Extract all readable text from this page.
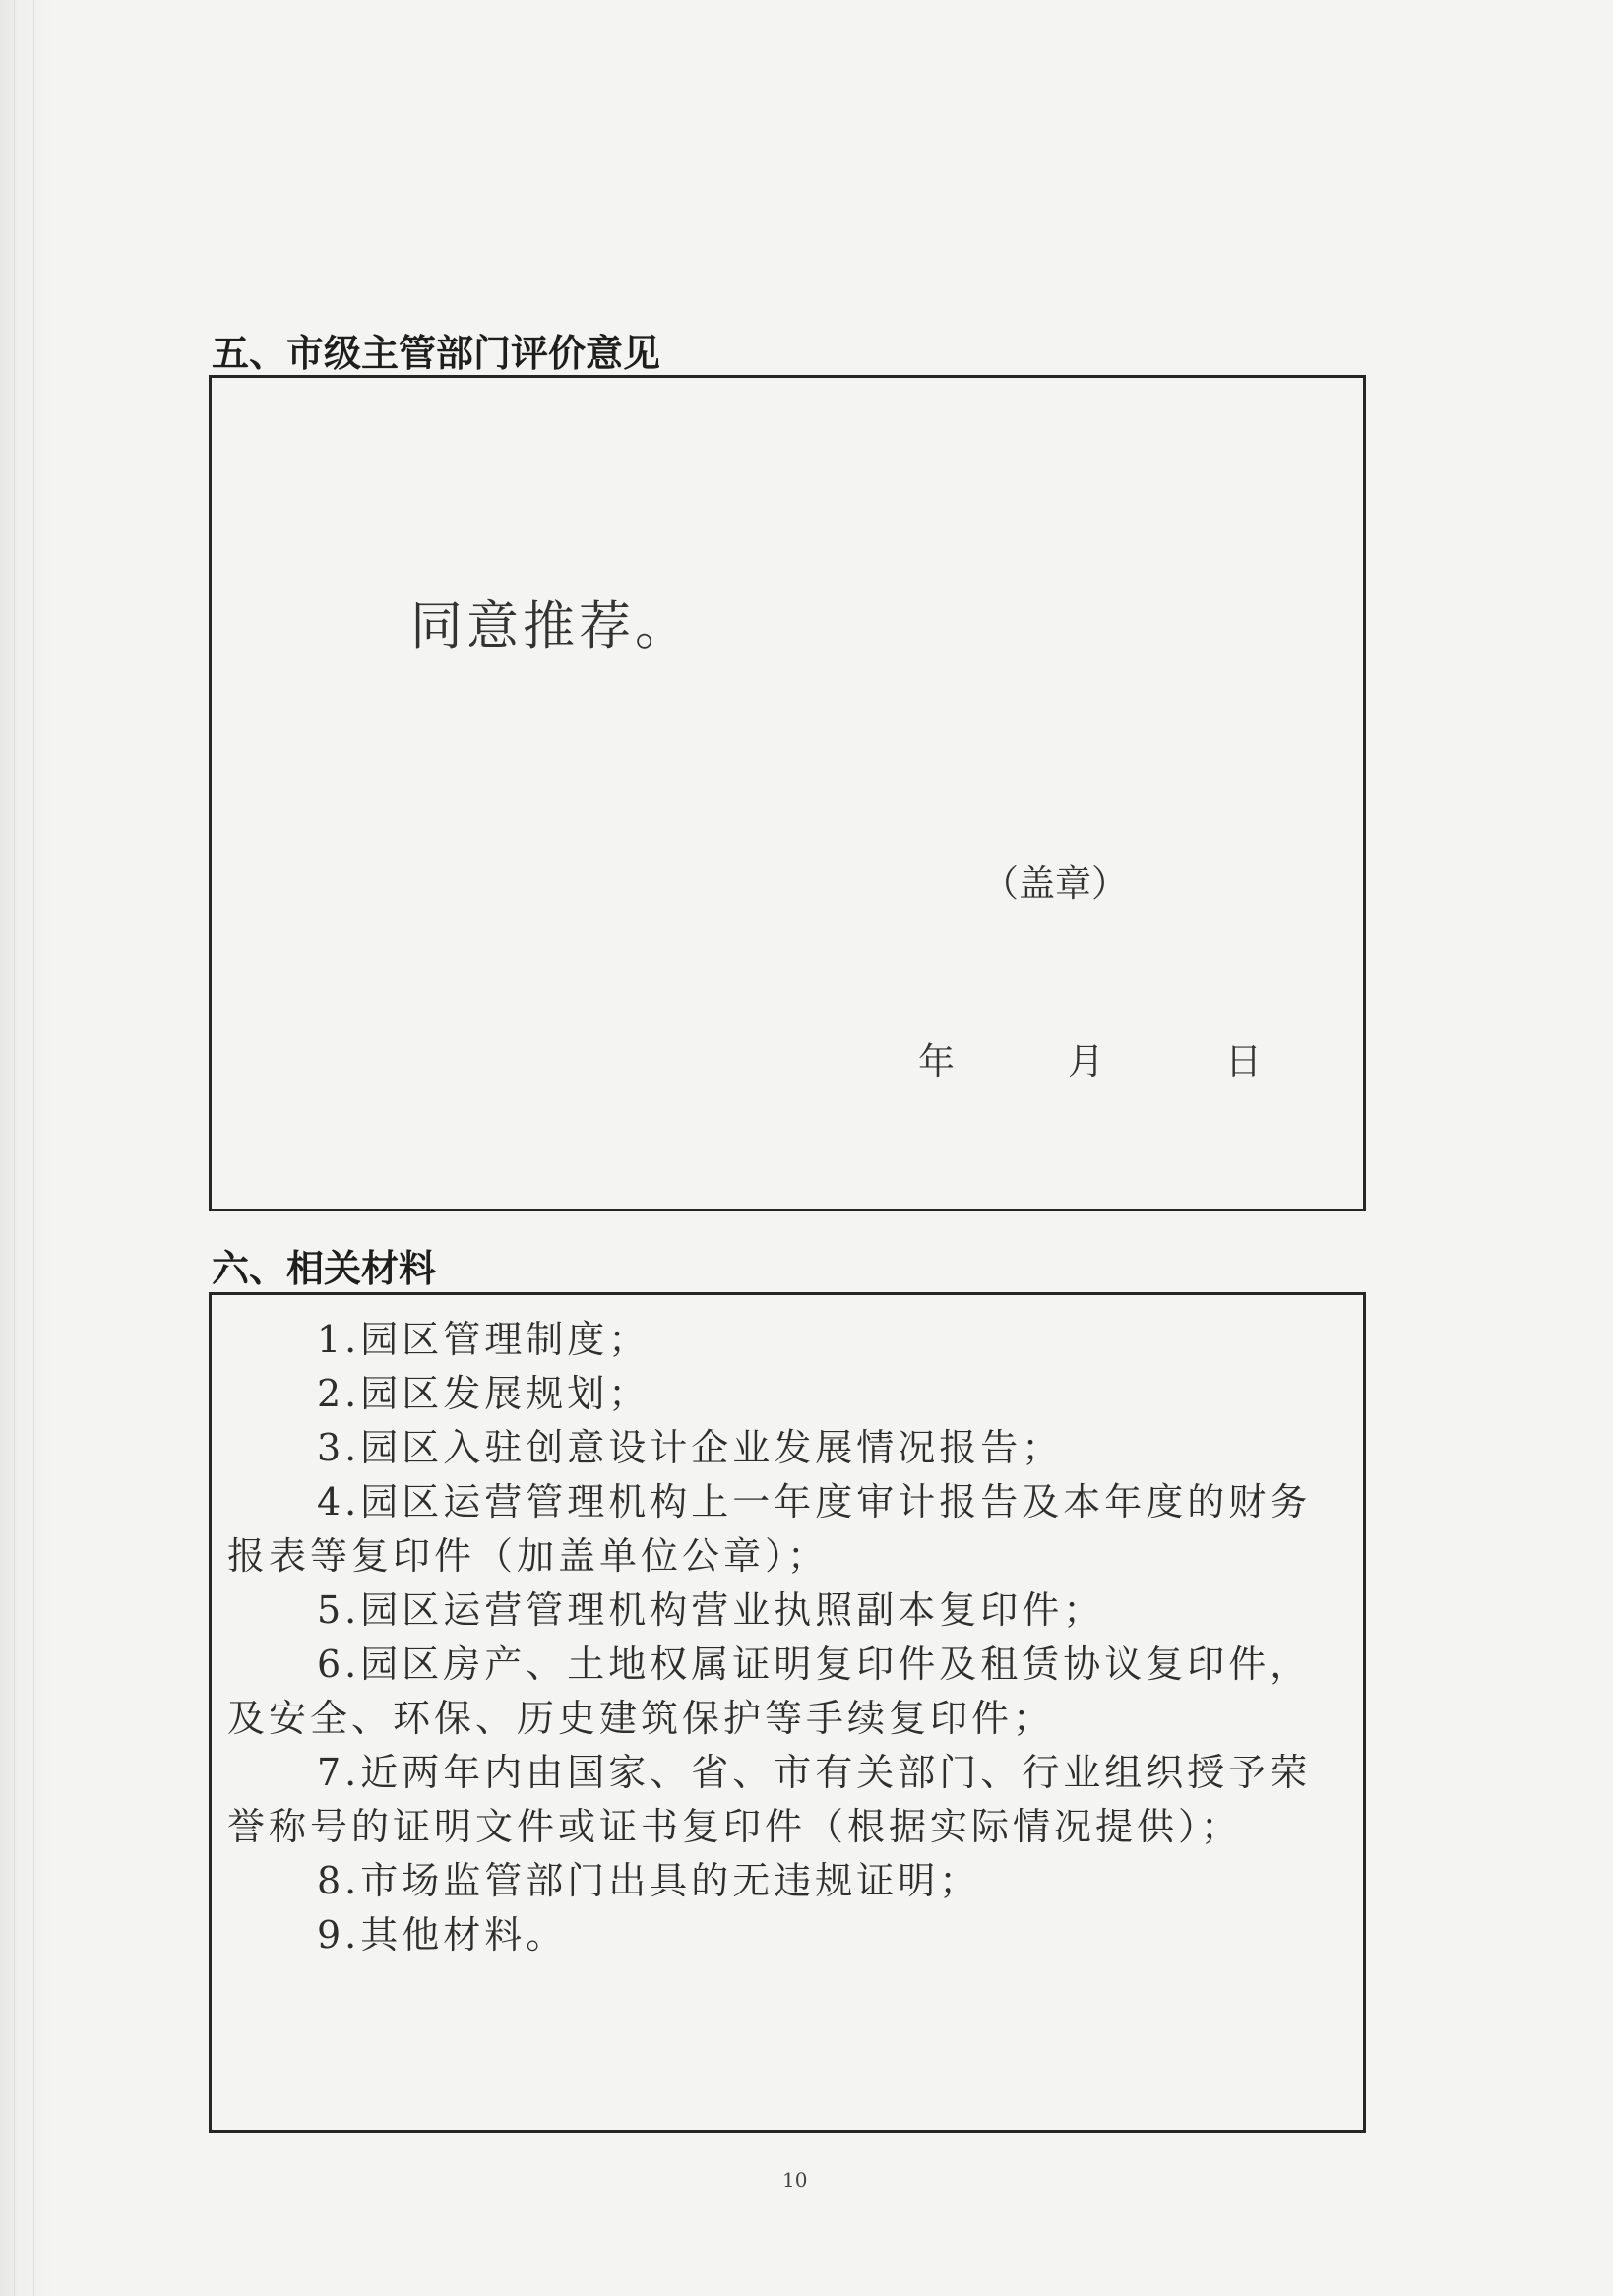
五、市级主管部门评价意见
同意推荐。
（盖章）
年	月	日
六、相关材料
1.园区管理制度；
2.园区发展规划；
3.园区入驻创意设计企业发展情况报告；
4.园区运营管理机构上一年度审计报告及本年度的财务
报表等复印件（加盖单位公章）；
5.园区运营管理机构营业执照副本复印件；
6.园区房产、土地权属证明复印件及租赁协议复印件，
及安全、环保、历史建筑保护等手续复印件；
7.近两年内由国家、省、市有关部门、行业组织授予荣
誉称号的证明文件或证书复印件（根据实际情况提供）；
8.市场监管部门出具的无违规证明；
9.其他材料。
10
